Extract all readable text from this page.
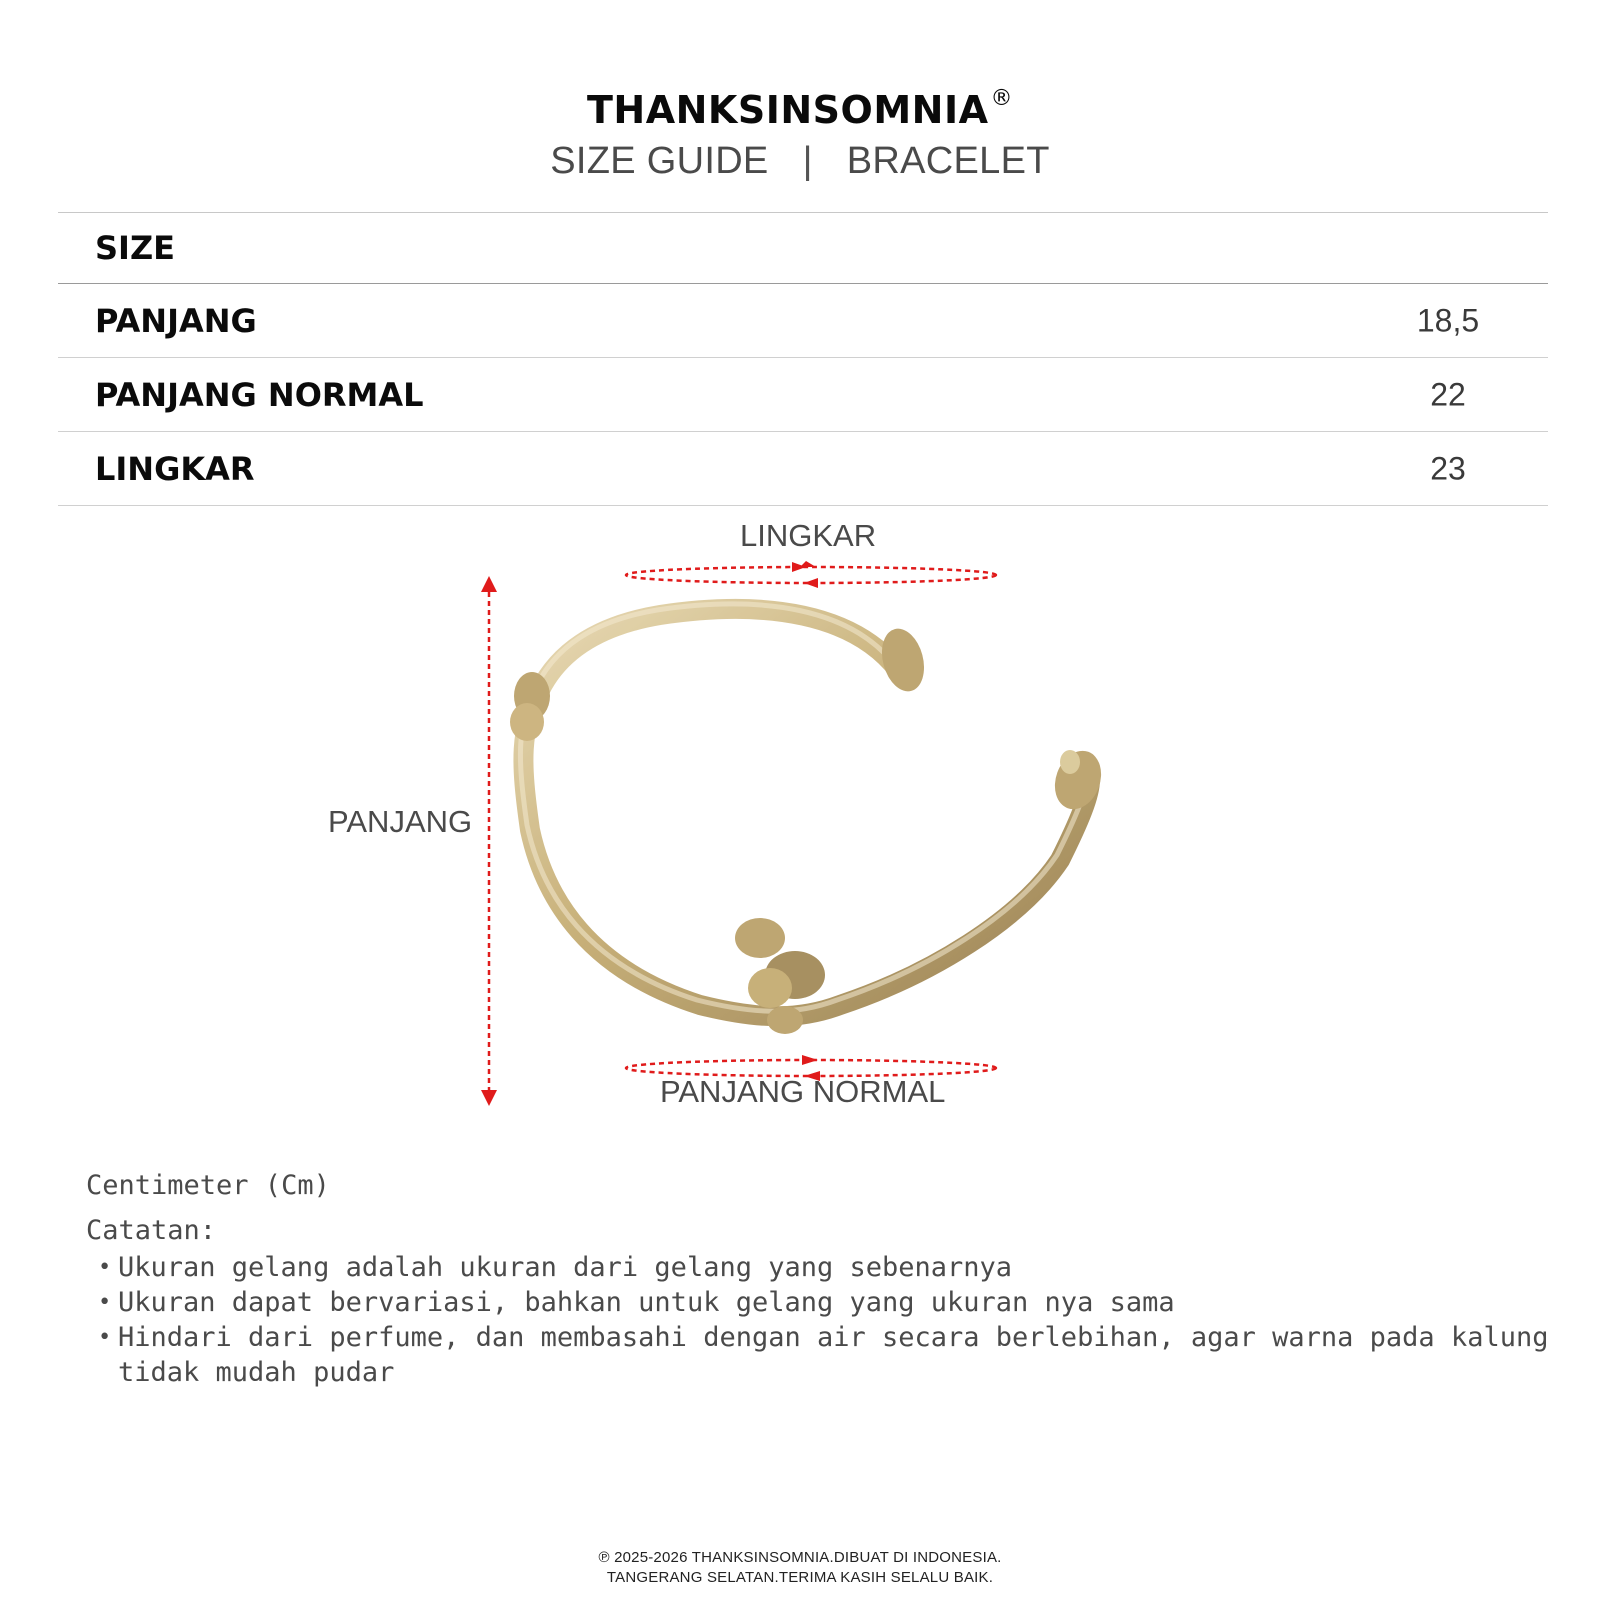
THANKSINSOMNIA®
SIZE GUIDE | BRACELET
SIZE
PANJANG	18,5
PANJANG NORMAL	22
LINGKAR	23
LINGKAR
PANJANG
PANJANG NORMAL
Centimeter (Cm)
Catatan:
• Ukuran gelang adalah ukuran dari gelang yang sebenarnya
• Ukuran dapat bervariasi, bahkan untuk gelang yang ukuran nya sama
• Hindari dari perfume, dan membasahi dengan air secara berlebihan, agar warna pada kalung tidak mudah pudar
℗ 2025-2026 THANKSINSOMNIA.DIBUAT DI INDONESIA.
TANGERANG SELATAN.TERIMA KASIH SELALU BAIK.
